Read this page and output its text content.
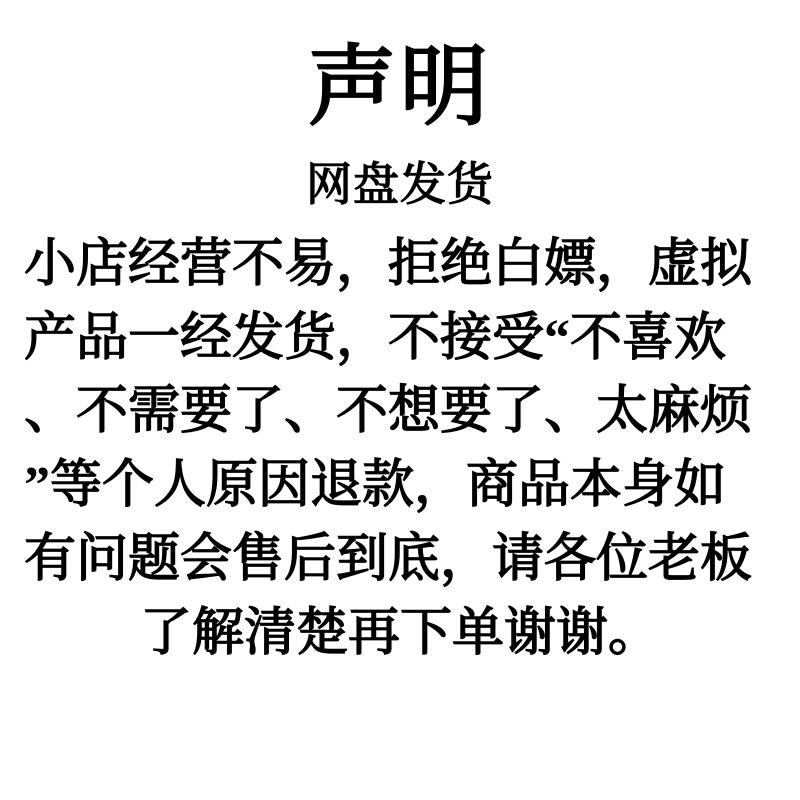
声明
网盘发货
小店经营不易，拒绝白嫖，虚拟
产品一经发货，不接受“不喜欢
、不需要了、不想要了、太麻烦
”等个人原因退款，商品本身如
有问题会售后到底，请各位老板
了解清楚再下单谢谢。
